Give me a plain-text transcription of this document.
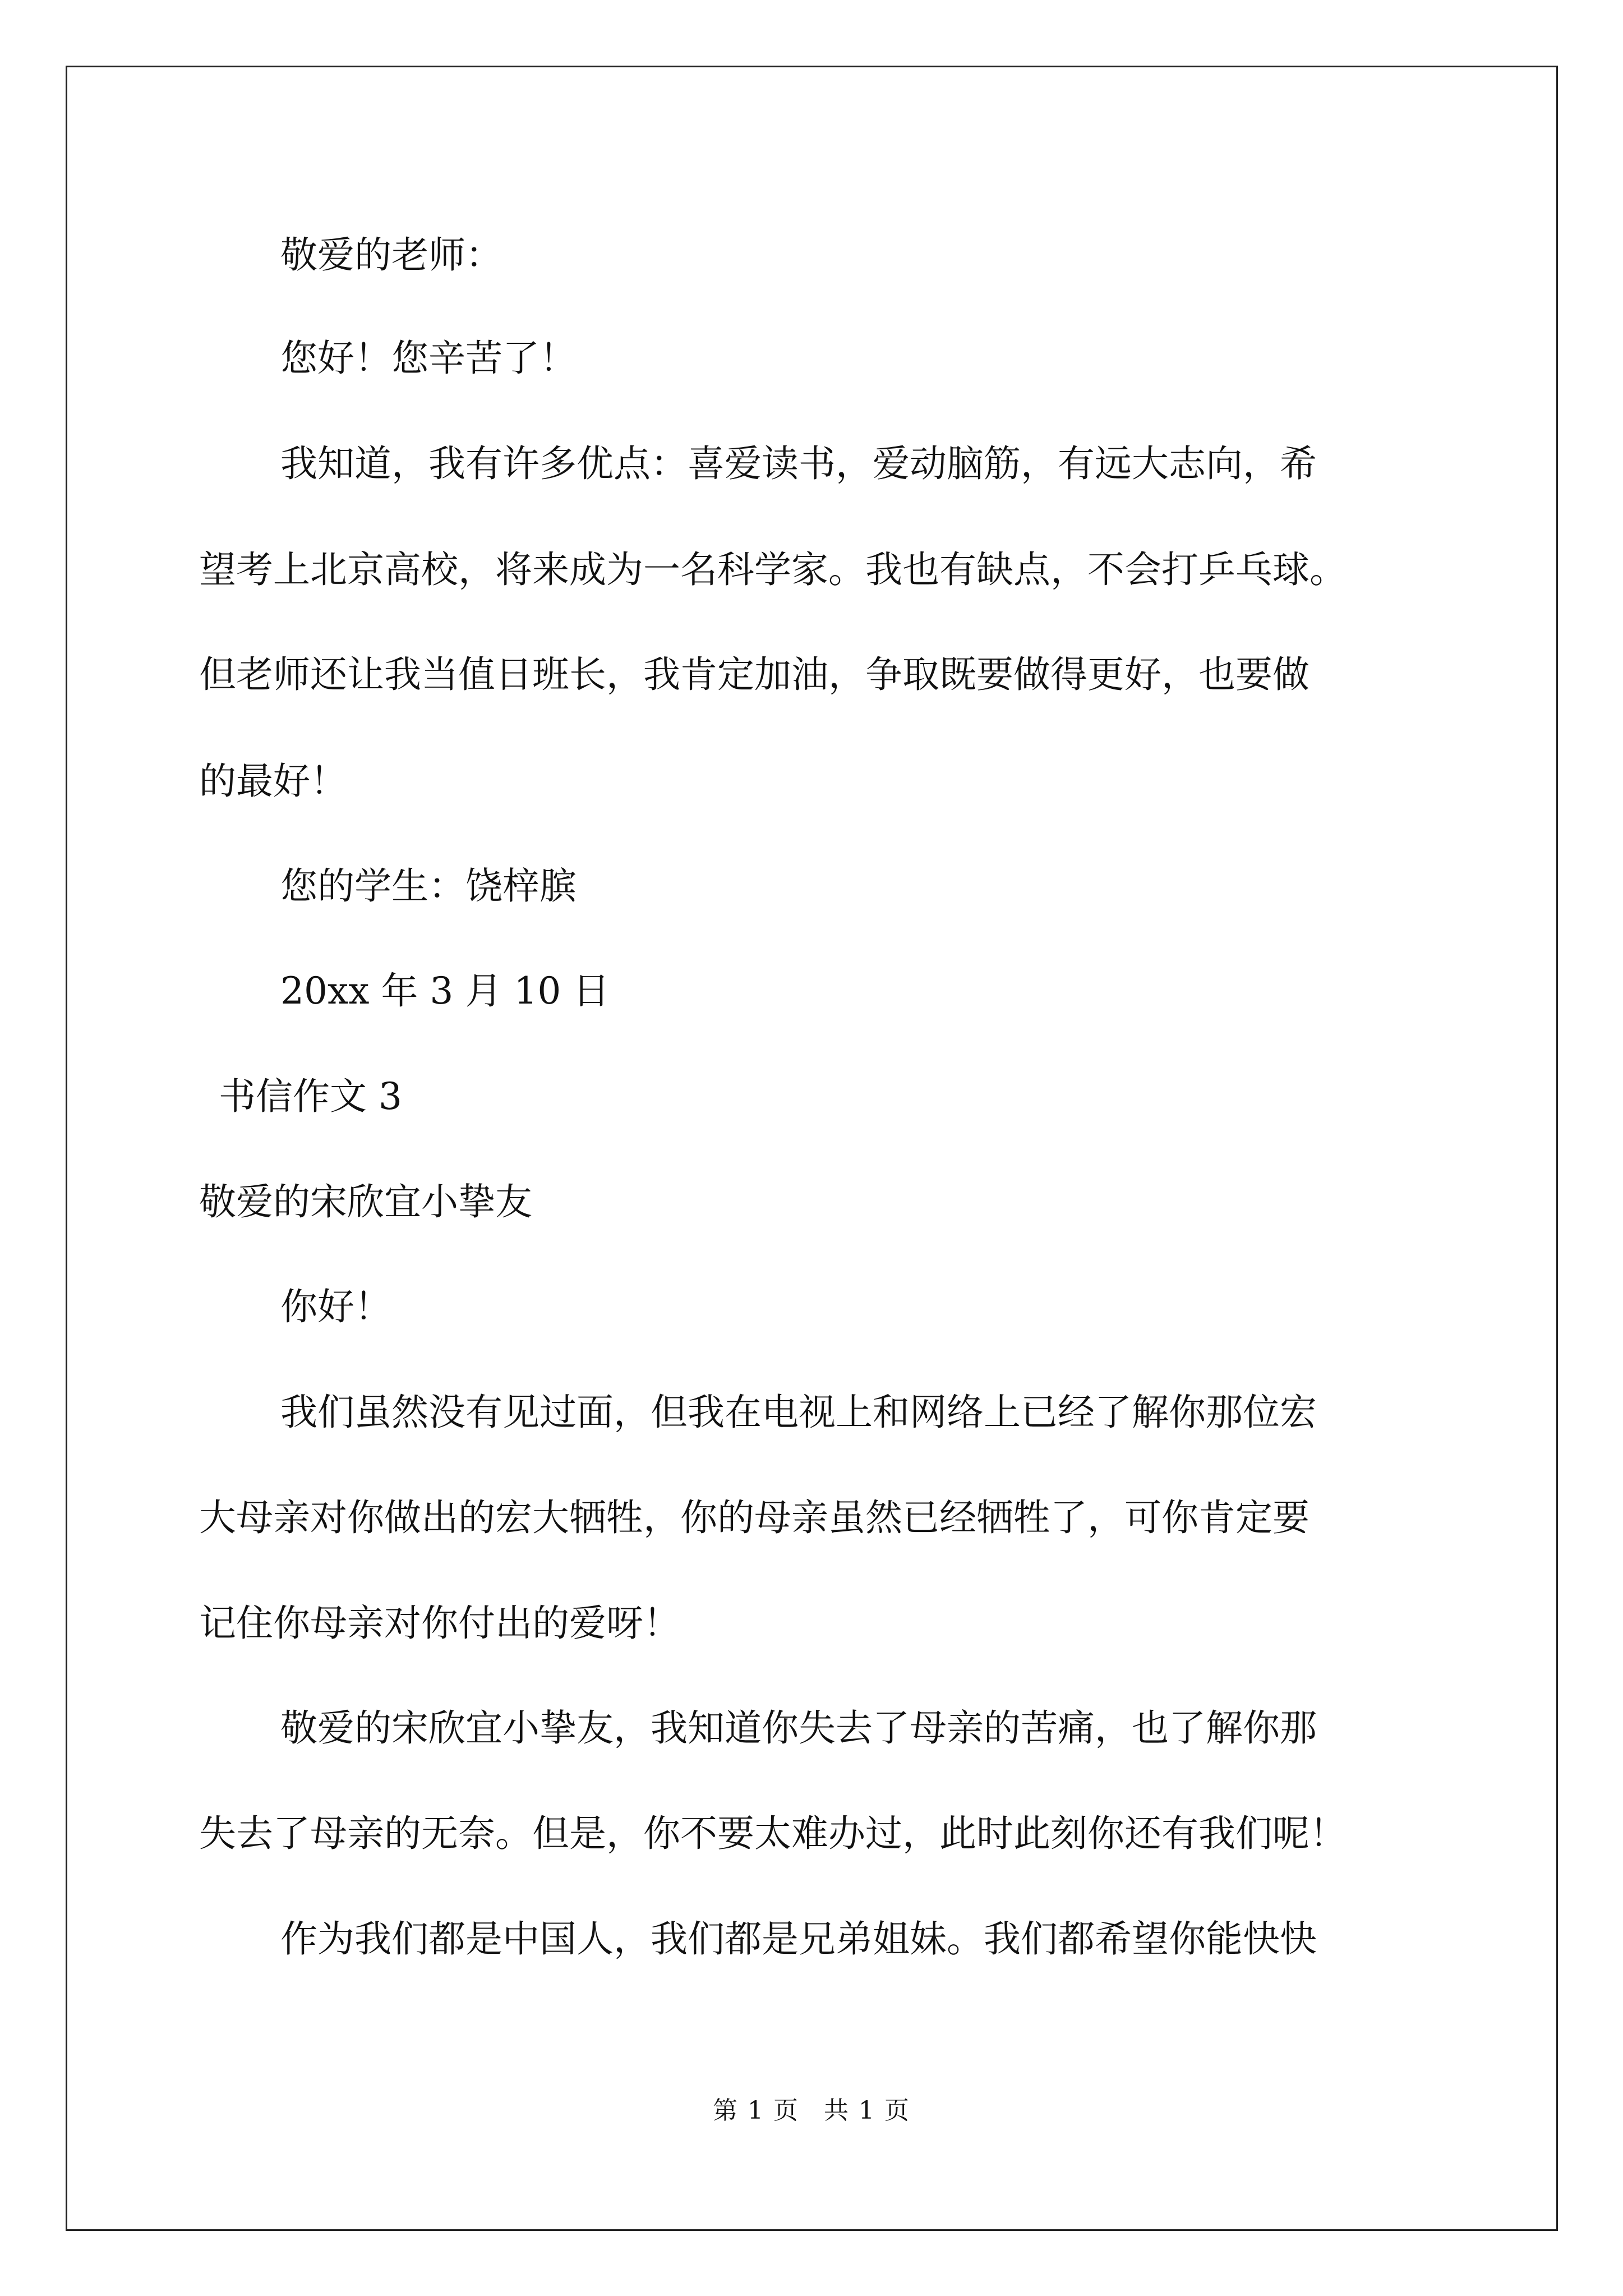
敬爱的老师：
您好！您辛苦了！
我知道，我有许多优点：喜爱读书，爱动脑筋，有远大志向，希
望考上北京高校，将来成为一名科学家。我也有缺点，不会打乒乓球。
但老师还让我当值日班长，我肯定加油，争取既要做得更好，也要做
的最好！
您的学生：饶梓膑
20xx 年 3 月 10 日
书信作文 3
敬爱的宋欣宜小挚友
你好！
我们虽然没有见过面，但我在电视上和网络上已经了解你那位宏
大母亲对你做出的宏大牺牲，你的母亲虽然已经牺牲了，可你肯定要
记住你母亲对你付出的爱呀！
敬爱的宋欣宜小挚友，我知道你失去了母亲的苦痛，也了解你那
失去了母亲的无奈。但是，你不要太难办过，此时此刻你还有我们呢！
作为我们都是中国人，我们都是兄弟姐妹。我们都希望你能快快
第 1 页 共 1 页
